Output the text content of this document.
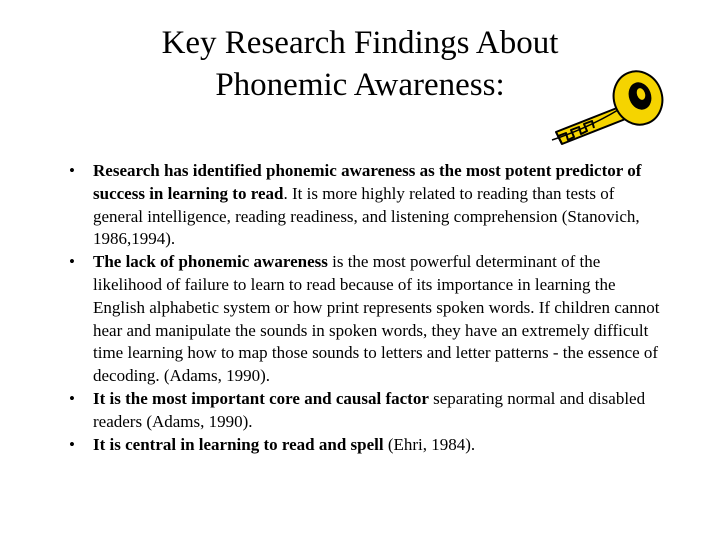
Key Research Findings About
Phonemic Awareness:
•	Research has identified phonemic awareness as the most potent predictor of success in learning to read. It is more highly related to reading than tests of general intelligence, reading readiness, and listening comprehension (Stanovich, 1986,1994).
•	The lack of phonemic awareness is the most powerful determinant of the likelihood of failure to learn to read because of its importance in learning the English alphabetic system or how print represents spoken words. If children cannot hear and manipulate the sounds in spoken words, they have an extremely difficult time learning how to map those sounds to letters and letter patterns - the essence of decoding. (Adams, 1990).
•	It is the most important core and causal factor separating normal and disabled readers (Adams, 1990).
•	It is central in learning to read and spell (Ehri, 1984).
